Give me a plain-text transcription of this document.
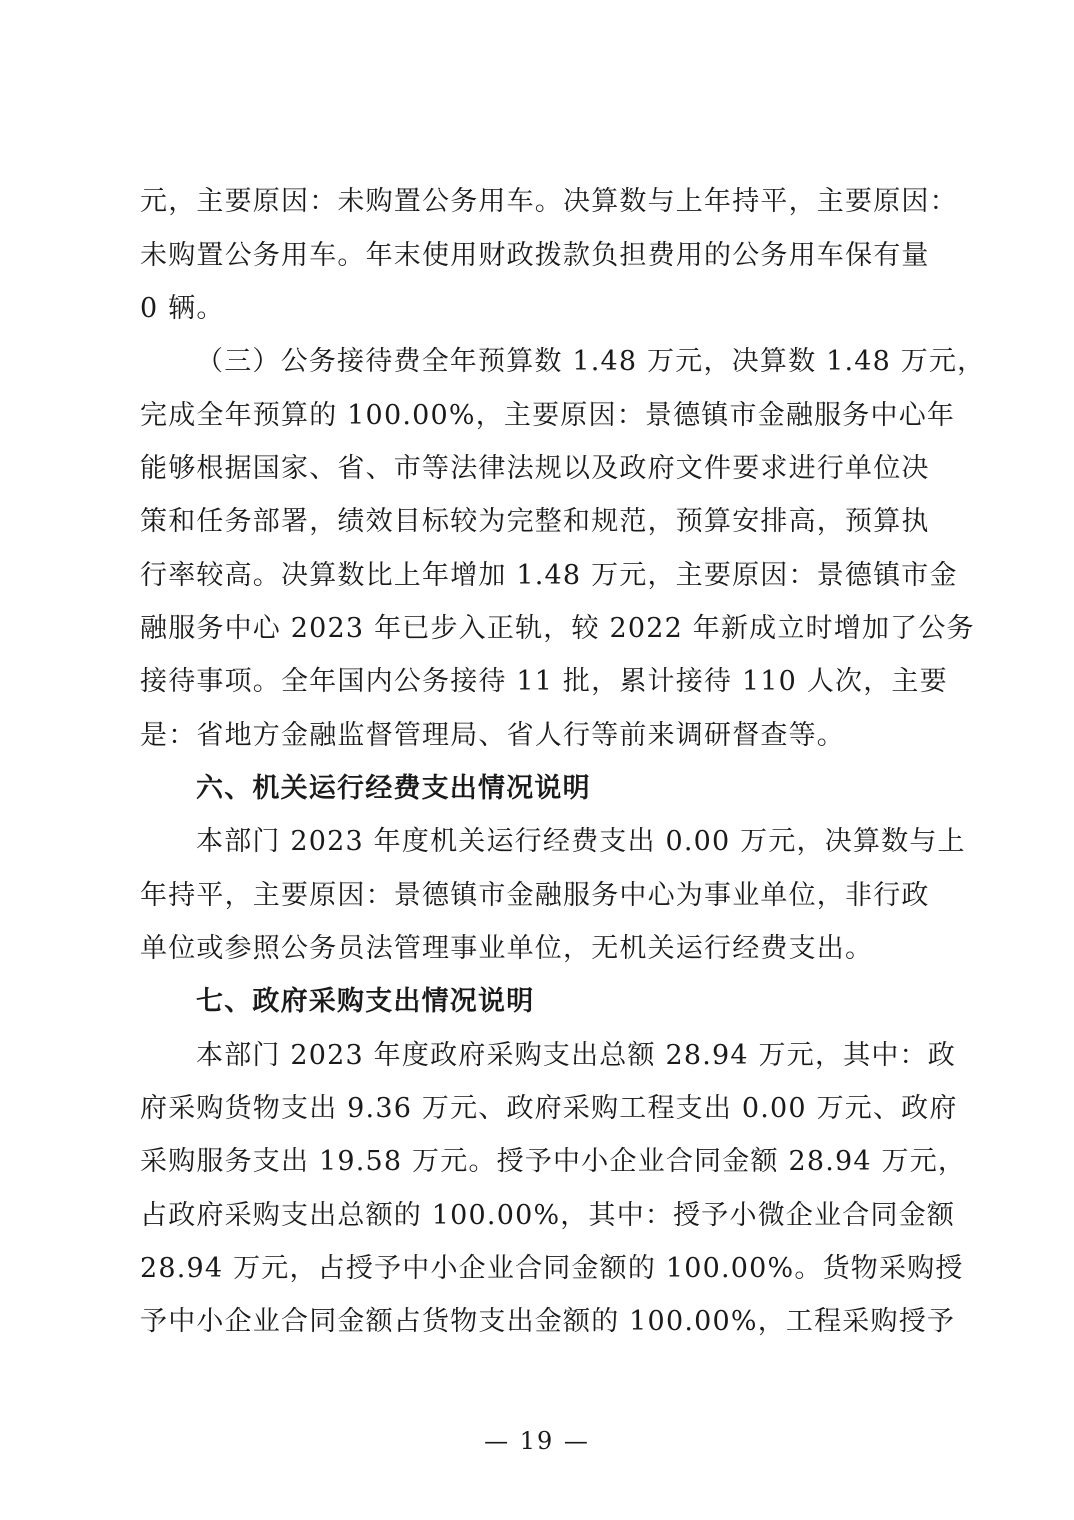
元，主要原因：未购置公务用车。决算数与上年持平，主要原因：
未购置公务用车。年末使用财政拨款负担费用的公务用车保有量
0 辆。
（三）公务接待费全年预算数 1.48 万元，决算数 1.48 万元，
完成全年预算的 100.00%，主要原因：景德镇市金融服务中心年
能够根据国家、省、市等法律法规以及政府文件要求进行单位决
策和任务部署，绩效目标较为完整和规范，预算安排高，预算执
行率较高。决算数比上年增加 1.48 万元，主要原因：景德镇市金
融服务中心 2023 年已步入正轨，较 2022 年新成立时增加了公务
接待事项。全年国内公务接待 11 批，累计接待 110 人次，主要
是：省地方金融监督管理局、省人行等前来调研督查等。
六、机关运行经费支出情况说明
本部门 2023 年度机关运行经费支出 0.00 万元，决算数与上
年持平，主要原因：景德镇市金融服务中心为事业单位，非行政
单位或参照公务员法管理事业单位，无机关运行经费支出。
七、政府采购支出情况说明
本部门 2023 年度政府采购支出总额 28.94 万元，其中：政
府采购货物支出 9.36 万元、政府采购工程支出 0.00 万元、政府
采购服务支出 19.58 万元。授予中小企业合同金额 28.94 万元，
占政府采购支出总额的 100.00%，其中：授予小微企业合同金额
28.94 万元，占授予中小企业合同金额的 100.00%。货物采购授
予中小企业合同金额占货物支出金额的 100.00%，工程采购授予
— 19 —
